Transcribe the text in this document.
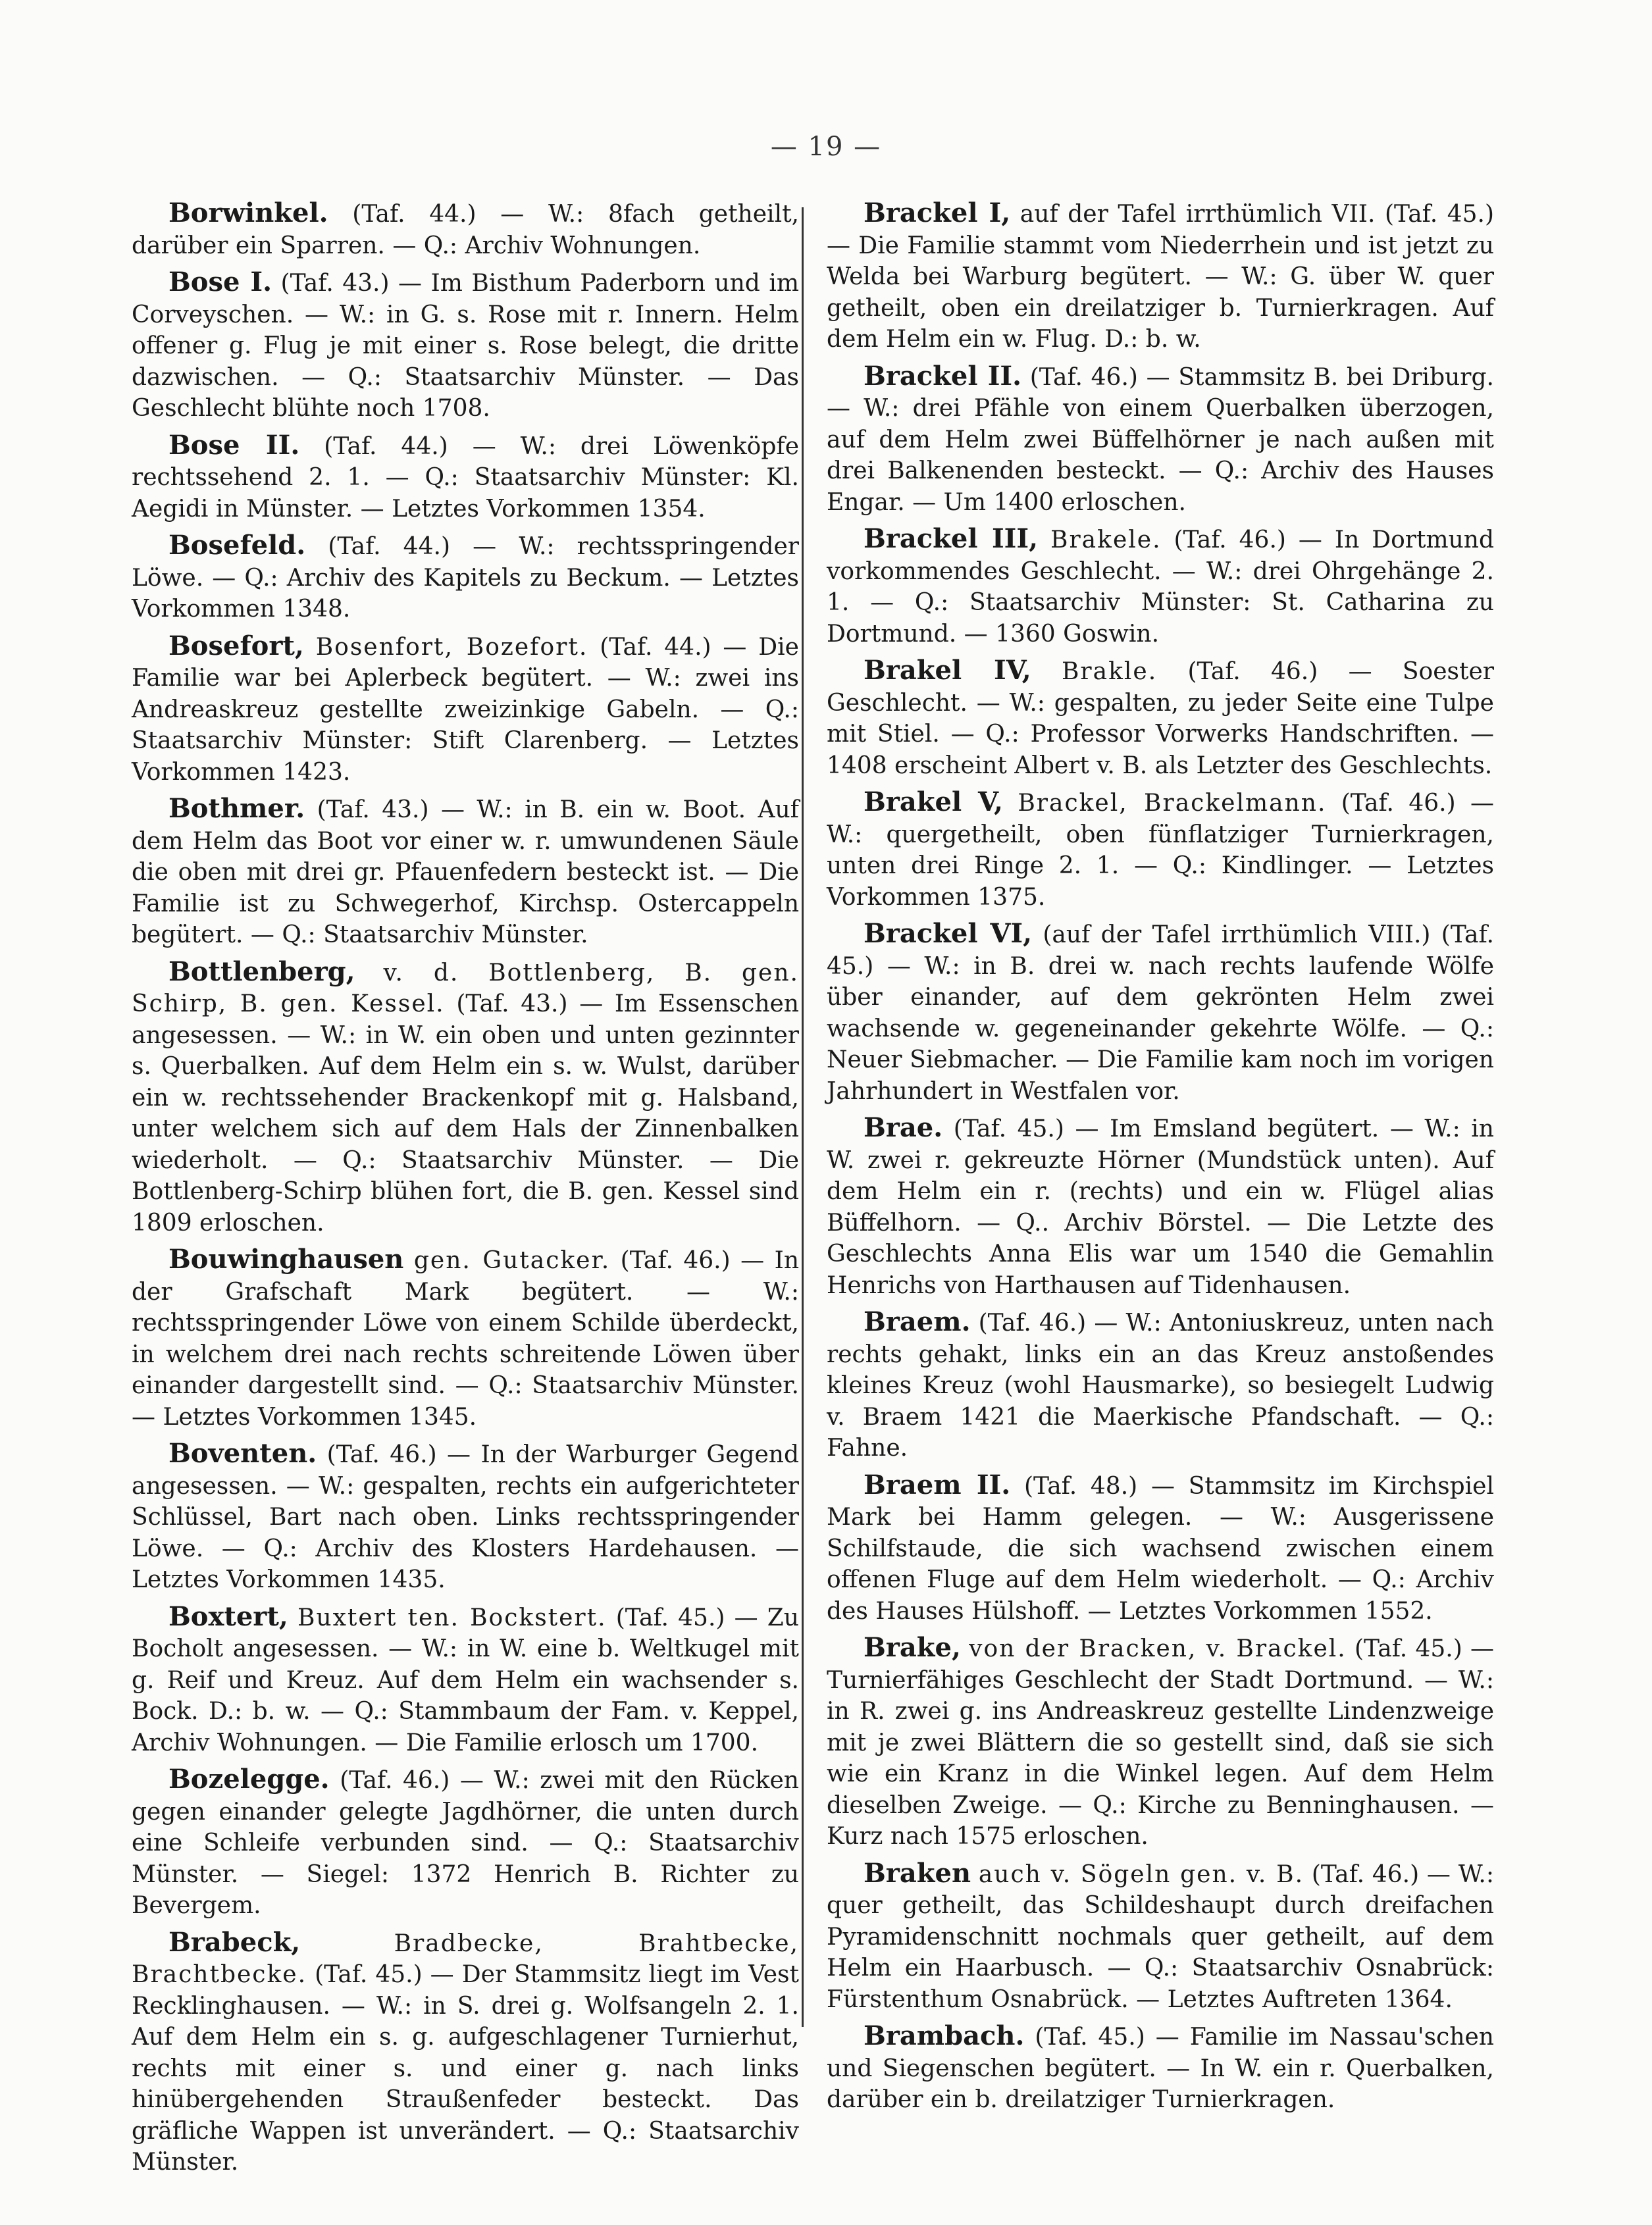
— 19 —

Borwinkel. (Taf. 44.) — W.: 8fach getheilt, darüber ein Sparren. — Q.: Archiv Wohnungen.

Bose I. (Taf. 43.) — Im Bisthum Paderborn und im Corveyschen. — W.: in G. s. Rose mit r. Innern. Helm offener g. Flug je mit einer s. Rose belegt, die dritte dazwischen. — Q.: Staatsarchiv Münster. — Das Geschlecht blühte noch 1708.

Bose II. (Taf. 44.) — W.: drei Löwenköpfe rechtssehend 2. 1. — Q.: Staatsarchiv Münster: Kl. Aegidi in Münster. — Letztes Vorkommen 1354.

Bosefeld. (Taf. 44.) — W.: rechtsspringender Löwe. — Q.: Archiv des Kapitels zu Beckum. — Letztes Vorkommen 1348.

Bosefort, Bosenfort, Bozefort. (Taf. 44.) — Die Familie war bei Aplerbeck begütert. — W.: zwei ins Andreaskreuz gestellte zweizinkige Gabeln. — Q.: Staatsarchiv Münster: Stift Clarenberg. — Letztes Vorkommen 1423.

Bothmer. (Taf. 43.) — W.: in B. ein w. Boot. Auf dem Helm das Boot vor einer w. r. umwundenen Säule die oben mit drei gr. Pfauenfedern besteckt ist. — Die Familie ist zu Schwegerhof, Kirchsp. Ostercappeln begütert. — Q.: Staatsarchiv Münster.

Bottlenberg, v. d. Bottlenberg, B. gen. Schirp, B. gen. Kessel. (Taf. 43.) — Im Essenschen angesessen. — W.: in W. ein oben und unten gezinnter s. Querbalken. Auf dem Helm ein s. w. Wulst, darüber ein w. rechtssehender Brackenkopf mit g. Halsband, unter welchem sich auf dem Hals der Zinnenbalken wiederholt. — Q.: Staatsarchiv Münster. — Die Bottlenberg-Schirp blühen fort, die B. gen. Kessel sind 1809 erloschen.

Bouwinghausen gen. Gutacker. (Taf. 46.) — In der Grafschaft Mark begütert. — W.: rechtsspringender Löwe von einem Schilde überdeckt, in welchem drei nach rechts schreitende Löwen über einander dargestellt sind. — Q.: Staatsarchiv Münster. — Letztes Vorkommen 1345.

Boventen. (Taf. 46.) — In der Warburger Gegend angesessen. — W.: gespalten, rechts ein aufgerichteter Schlüssel, Bart nach oben. Links rechtsspringender Löwe. — Q.: Archiv des Klosters Hardehausen. — Letztes Vorkommen 1435.

Boxtert, Buxtert ten. Bockstert. (Taf. 45.) — Zu Bocholt angesessen. — W.: in W. eine b. Weltkugel mit g. Reif und Kreuz. Auf dem Helm ein wachsender s. Bock. D.: b. w. — Q.: Stammbaum der Fam. v. Keppel, Archiv Wohnungen. — Die Familie erlosch um 1700.

Bozelegge. (Taf. 46.) — W.: zwei mit den Rücken gegen einander gelegte Jagdhörner, die unten durch eine Schleife verbunden sind. — Q.: Staatsarchiv Münster. — Siegel: 1372 Henrich B. Richter zu Bevergem.

Brabeck,	Bradbecke, Brahtbecke, Brachtbecke. (Taf. 45.) — Der Stammsitz liegt im Vest Recklinghausen. — W.: in S. drei g. Wolfsangeln 2. 1. Auf dem Helm ein s. g. aufgeschlagener Turnierhut, rechts mit einer s. und einer g. nach links hinübergehenden Straußenfeder besteckt. Das gräfliche Wappen ist unverändert. — Q.: Staatsarchiv Münster.

Brackel I, auf der Tafel irrthümlich VII. (Taf. 45.) — Die Familie stammt vom Niederrhein und ist jetzt zu Welda bei Warburg begütert. — W.: G. über W. quer getheilt, oben ein dreilatziger b. Turnierkragen. Auf dem Helm ein w. Flug. D.: b. w.

Brackel II. (Taf. 46.) — Stammsitz B. bei Driburg. — W.: drei Pfähle von einem Querbalken überzogen, auf dem Helm zwei Büffelhörner je nach außen mit drei Balkenenden besteckt. — Q.: Archiv des Hauses Engar. — Um 1400 erloschen.

Brackel III, Brakele. (Taf. 46.) — In Dortmund vorkommendes Geschlecht. — W.: drei Ohrgehänge 2. 1. — Q.: Staatsarchiv Münster: St. Catharina zu Dortmund. — 1360 Goswin.

Brakel IV, Brakle. (Taf. 46.) — Soester Geschlecht. — W.: gespalten, zu jeder Seite eine Tulpe mit Stiel. — Q.: Professor Vorwerks Handschriften. — 1408 erscheint Albert v. B. als Letzter des Geschlechts.

Brakel V, Brackel, Brackelmann. (Taf. 46.) — W.: quergetheilt, oben fünflatziger Turnierkragen, unten drei Ringe 2. 1. — Q.: Kindlinger. — Letztes Vorkommen 1375.

Brackel VI, (auf der Tafel irrthümlich VIII.) (Taf. 45.) — W.: in B. drei w. nach rechts laufende Wölfe über einander, auf dem gekrönten Helm zwei wachsende w. gegeneinander gekehrte Wölfe. — Q.: Neuer Siebmacher. — Die Familie kam noch im vorigen Jahrhundert in Westfalen vor.

Brae. (Taf. 45.) — Im Emsland begütert. — W.: in W. zwei r. gekreuzte Hörner (Mundstück unten). Auf dem Helm ein r. (rechts) und ein w. Flügel alias Büffelhorn. — Q.. Archiv Börstel. — Die Letzte des Geschlechts Anna Elis war um 1540 die Gemahlin Henrichs von Harthausen auf Tidenhausen.

Braem. (Taf. 46.) — W.: Antoniuskreuz, unten nach rechts gehakt, links ein an das Kreuz anstoßendes kleines Kreuz (wohl Hausmarke), so besiegelt Ludwig v. Braem 1421 die Maerkische Pfandschaft. — Q.: Fahne.

Braem II. (Taf. 48.) — Stammsitz im Kirchspiel Mark bei Hamm gelegen. — W.: Ausgerissene Schilfstaude, die sich wachsend zwischen einem offenen Fluge auf dem Helm wiederholt. — Q.: Archiv des Hauses Hülshoff. — Letztes Vorkommen 1552.

Brake, von der Bracken, v. Brackel. (Taf. 45.) — Turnierfähiges Geschlecht der Stadt Dortmund. — W.: in R. zwei g. ins Andreaskreuz gestellte Lindenzweige mit je zwei Blättern die so gestellt sind, daß sie sich wie ein Kranz in die Winkel legen. Auf dem Helm dieselben Zweige. — Q.: Kirche zu Benninghausen. — Kurz nach 1575 erloschen.

Braken auch v. Sögeln gen. v. B. (Taf. 46.) — W.: quer getheilt, das Schildeshaupt durch dreifachen Pyramidenschnitt nochmals quer getheilt, auf dem Helm ein Haarbusch. — Q.: Staatsarchiv Osnabrück: Fürstenthum Osnabrück. — Letztes Auftreten 1364.

Brambach. (Taf. 45.) — Familie im Nassau'schen und Siegenschen begütert. — In W. ein r. Querbalken, darüber ein b. dreilatziger Turnierkragen.
